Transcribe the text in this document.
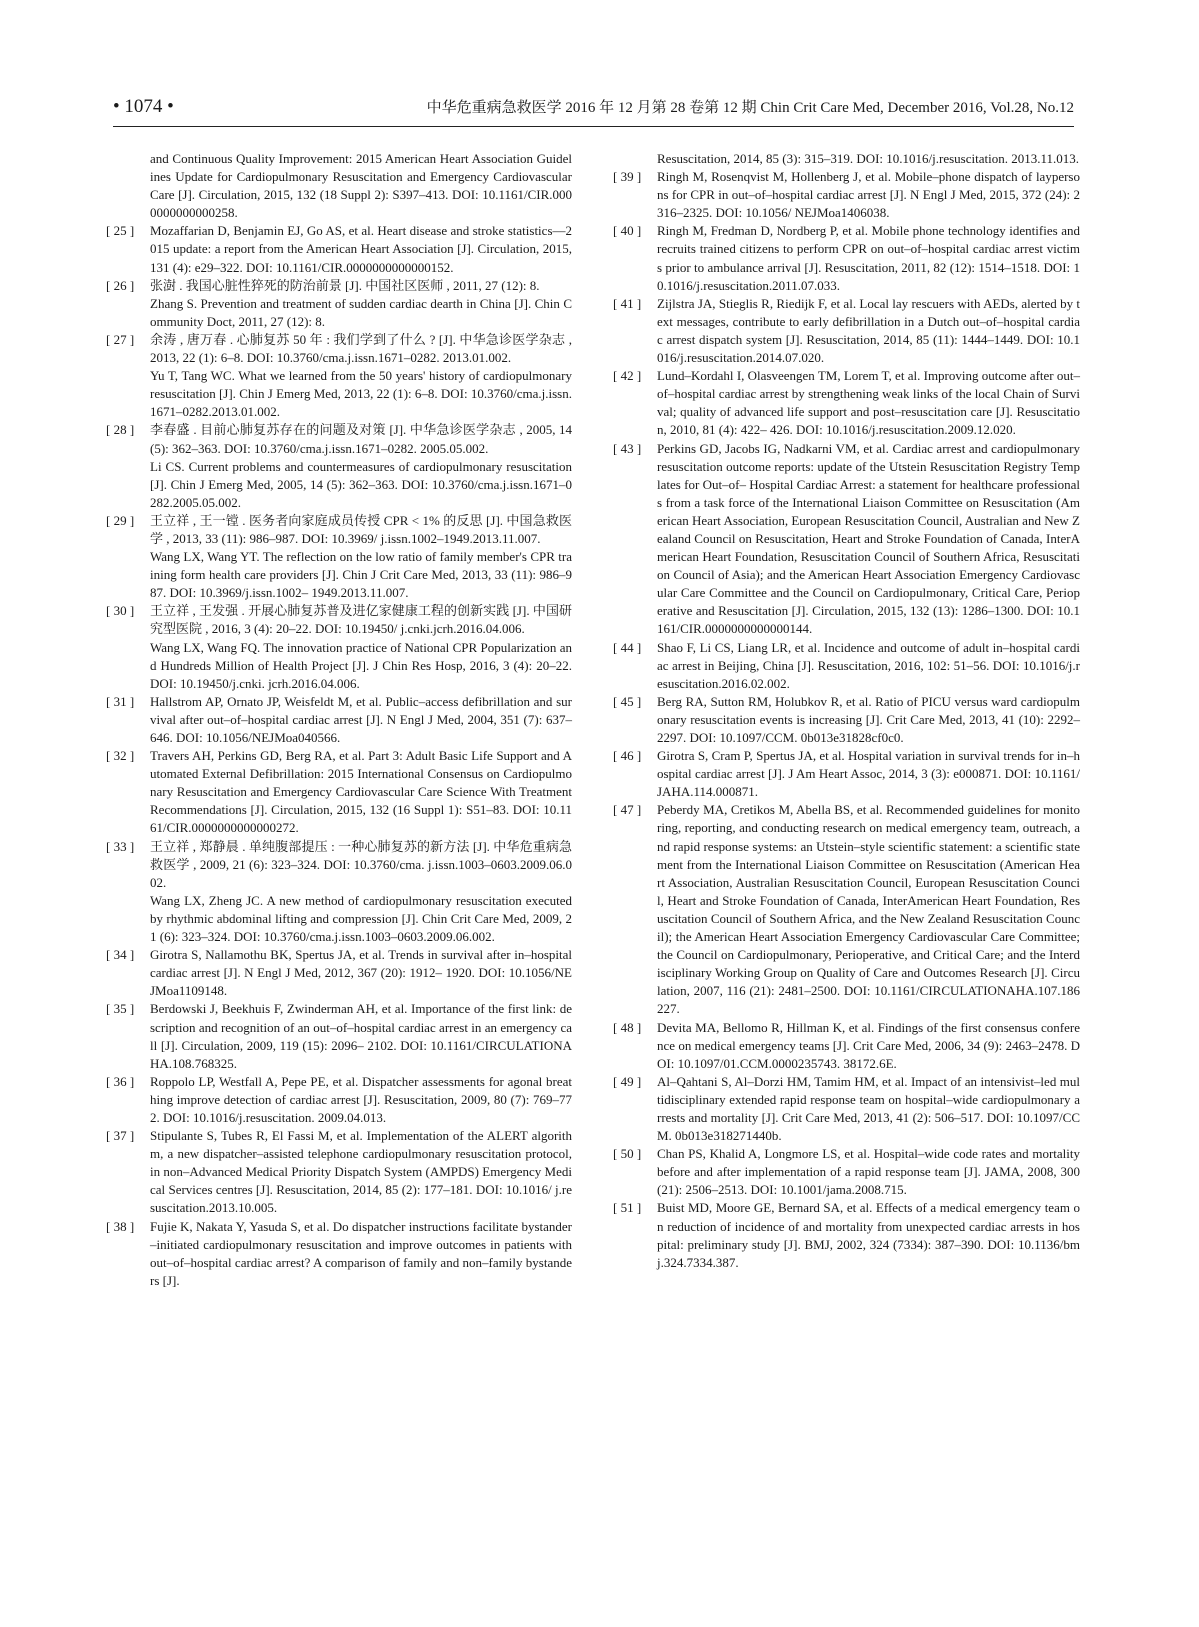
• 1074 •	中华危重病急救医学 2016 年 12 月第 28 卷第 12 期 Chin Crit Care Med, December 2016, Vol.28, No.12
and Continuous Quality Improvement: 2015 American Heart Association Guidelines Update for Cardiopulmonary Resuscitation and Emergency Cardiovascular Care [J]. Circulation, 2015, 132 (18 Suppl 2): S397–413. DOI: 10.1161/CIR.0000000000000258.
[ 25 ]	Mozaffarian D, Benjamin EJ, Go AS, et al. Heart disease and stroke statistics—2015 update: a report from the American Heart Association [J]. Circulation, 2015, 131 (4): e29–322. DOI: 10.1161/CIR.0000000000000152.
[ 26 ]	张澍 . 我国心脏性猝死的防治前景 [J]. 中国社区医师 , 2011, 27 (12): 8.
Zhang S. Prevention and treatment of sudden cardiac dearth in China [J]. Chin Community Doct, 2011, 27 (12): 8.
[ 27 ]	余涛 , 唐万春 . 心肺复苏 50 年 : 我们学到了什么 ? [J]. 中华急诊医学杂志 , 2013, 22 (1): 6–8. DOI: 10.3760/cma.j.issn.1671–0282. 2013.01.002.
Yu T, Tang WC. What we learned from the 50 years' history of cardiopulmonary resuscitation [J]. Chin J Emerg Med, 2013, 22 (1): 6–8. DOI: 10.3760/cma.j.issn.1671–0282.2013.01.002.
[ 28 ]	李春盛 . 目前心肺复苏存在的问题及对策 [J]. 中华急诊医学杂志 , 2005, 14 (5): 362–363. DOI: 10.3760/cma.j.issn.1671–0282. 2005.05.002.
Li CS. Current problems and countermeasures of cardiopulmonary resuscitation [J]. Chin J Emerg Med, 2005, 14 (5): 362–363. DOI: 10.3760/cma.j.issn.1671–0282.2005.05.002.
[ 29 ]	王立祥 , 王一镗 . 医务者向家庭成员传授 CPR < 1% 的反思 [J]. 中国急救医学 , 2013, 33 (11): 986–987. DOI: 10.3969/ j.issn.1002–1949.2013.11.007.
Wang LX, Wang YT. The reflection on the low ratio of family member's CPR training form health care providers [J]. Chin J Crit Care Med, 2013, 33 (11): 986–987. DOI: 10.3969/j.issn.1002– 1949.2013.11.007.
[ 30 ]	王立祥 , 王发强 . 开展心肺复苏普及进亿家健康工程的创新实践 [J]. 中国研究型医院 , 2016, 3 (4): 20–22. DOI: 10.19450/ j.cnki.jcrh.2016.04.006.
Wang LX, Wang FQ. The innovation practice of National CPR Popularization and Hundreds Million of Health Project [J]. J Chin Res Hosp, 2016, 3 (4): 20–22. DOI: 10.19450/j.cnki. jcrh.2016.04.006.
[ 31 ]	Hallstrom AP, Ornato JP, Weisfeldt M, et al. Public–access defibrillation and survival after out–of–hospital cardiac arrest [J]. N Engl J Med, 2004, 351 (7): 637–646. DOI: 10.1056/NEJMoa040566.
[ 32 ]	Travers AH, Perkins GD, Berg RA, et al. Part 3: Adult Basic Life Support and Automated External Defibrillation: 2015 International Consensus on Cardiopulmonary Resuscitation and Emergency Cardiovascular Care Science With Treatment Recommendations [J]. Circulation, 2015, 132 (16 Suppl 1): S51–83. DOI: 10.1161/CIR.0000000000000272.
[ 33 ]	王立祥 , 郑静晨 . 单纯腹部提压 : 一种心肺复苏的新方法 [J]. 中华危重病急救医学 , 2009, 21 (6): 323–324. DOI: 10.3760/cma. j.issn.1003–0603.2009.06.002.
Wang LX, Zheng JC. A new method of cardiopulmonary resuscitation executed by rhythmic abdominal lifting and compression [J]. Chin Crit Care Med, 2009, 21 (6): 323–324. DOI: 10.3760/cma.j.issn.1003–0603.2009.06.002.
[ 34 ]	Girotra S, Nallamothu BK, Spertus JA, et al. Trends in survival after in–hospital cardiac arrest [J]. N Engl J Med, 2012, 367 (20): 1912– 1920. DOI: 10.1056/NEJMoa1109148.
[ 35 ]	Berdowski J, Beekhuis F, Zwinderman AH, et al. Importance of the first link: description and recognition of an out–of–hospital cardiac arrest in an emergency call [J]. Circulation, 2009, 119 (15): 2096– 2102. DOI: 10.1161/CIRCULATIONAHA.108.768325.
[ 36 ]	Roppolo LP, Westfall A, Pepe PE, et al. Dispatcher assessments for agonal breathing improve detection of cardiac arrest [J]. Resuscitation, 2009, 80 (7): 769–772. DOI: 10.1016/j.resuscitation. 2009.04.013.
[ 37 ]	Stipulante S, Tubes R, El Fassi M, et al. Implementation of the ALERT algorithm, a new dispatcher–assisted telephone cardiopulmonary resuscitation protocol, in non–Advanced Medical Priority Dispatch System (AMPDS) Emergency Medical Services centres [J]. Resuscitation, 2014, 85 (2): 177–181. DOI: 10.1016/ j.resuscitation.2013.10.005.
[ 38 ]	Fujie K, Nakata Y, Yasuda S, et al. Do dispatcher instructions facilitate bystander–initiated cardiopulmonary resuscitation and improve outcomes in patients with out–of–hospital cardiac arrest? A comparison of family and non–family bystanders [J].
Resuscitation, 2014, 85 (3): 315–319. DOI: 10.1016/j.resuscitation. 2013.11.013.
[ 39 ]	Ringh M, Rosenqvist M, Hollenberg J, et al. Mobile–phone dispatch of laypersons for CPR in out–of–hospital cardiac arrest [J]. N Engl J Med, 2015, 372 (24): 2316–2325. DOI: 10.1056/ NEJMoa1406038.
[ 40 ]	Ringh M, Fredman D, Nordberg P, et al. Mobile phone technology identifies and recruits trained citizens to perform CPR on out–of–hospital cardiac arrest victims prior to ambulance arrival [J]. Resuscitation, 2011, 82 (12): 1514–1518. DOI: 10.1016/j.resuscitation.2011.07.033.
[ 41 ]	Zijlstra JA, Stieglis R, Riedijk F, et al. Local lay rescuers with AEDs, alerted by text messages, contribute to early defibrillation in a Dutch out–of–hospital cardiac arrest dispatch system [J]. Resuscitation, 2014, 85 (11): 1444–1449. DOI: 10.1016/j.resuscitation.2014.07.020.
[ 42 ]	Lund–Kordahl I, Olasveengen TM, Lorem T, et al. Improving outcome after out–of–hospital cardiac arrest by strengthening weak links of the local Chain of Survival; quality of advanced life support and post–resuscitation care [J]. Resuscitation, 2010, 81 (4): 422– 426. DOI: 10.1016/j.resuscitation.2009.12.020.
[ 43 ]	Perkins GD, Jacobs IG, Nadkarni VM, et al. Cardiac arrest and cardiopulmonary resuscitation outcome reports: update of the Utstein Resuscitation Registry Templates for Out–of– Hospital Cardiac Arrest: a statement for healthcare professionals from a task force of the International Liaison Committee on Resuscitation (American Heart Association, European Resuscitation Council, Australian and New Zealand Council on Resuscitation, Heart and Stroke Foundation of Canada, InterAmerican Heart Foundation, Resuscitation Council of Southern Africa, Resuscitation Council of Asia); and the American Heart Association Emergency Cardiovascular Care Committee and the Council on Cardiopulmonary, Critical Care, Perioperative and Resuscitation [J]. Circulation, 2015, 132 (13): 1286–1300. DOI: 10.1161/CIR.0000000000000144.
[ 44 ]	Shao F, Li CS, Liang LR, et al. Incidence and outcome of adult in–hospital cardiac arrest in Beijing, China [J]. Resuscitation, 2016, 102: 51–56. DOI: 10.1016/j.resuscitation.2016.02.002.
[ 45 ]	Berg RA, Sutton RM, Holubkov R, et al. Ratio of PICU versus ward cardiopulmonary resuscitation events is increasing [J]. Crit Care Med, 2013, 41 (10): 2292–2297. DOI: 10.1097/CCM. 0b013e31828cf0c0.
[ 46 ]	Girotra S, Cram P, Spertus JA, et al. Hospital variation in survival trends for in–hospital cardiac arrest [J]. J Am Heart Assoc, 2014, 3 (3): e000871. DOI: 10.1161/JAHA.114.000871.
[ 47 ]	Peberdy MA, Cretikos M, Abella BS, et al. Recommended guidelines for monitoring, reporting, and conducting research on medical emergency team, outreach, and rapid response systems: an Utstein–style scientific statement: a scientific statement from the International Liaison Committee on Resuscitation (American Heart Association, Australian Resuscitation Council, European Resuscitation Council, Heart and Stroke Foundation of Canada, InterAmerican Heart Foundation, Resuscitation Council of Southern Africa, and the New Zealand Resuscitation Council); the American Heart Association Emergency Cardiovascular Care Committee; the Council on Cardiopulmonary, Perioperative, and Critical Care; and the Interdisciplinary Working Group on Quality of Care and Outcomes Research [J]. Circulation, 2007, 116 (21): 2481–2500. DOI: 10.1161/CIRCULATIONAHA.107.186227.
[ 48 ]	Devita MA, Bellomo R, Hillman K, et al. Findings of the first consensus conference on medical emergency teams [J]. Crit Care Med, 2006, 34 (9): 2463–2478. DOI: 10.1097/01.CCM.0000235743. 38172.6E.
[ 49 ]	Al–Qahtani S, Al–Dorzi HM, Tamim HM, et al. Impact of an intensivist–led multidisciplinary extended rapid response team on hospital–wide cardiopulmonary arrests and mortality [J]. Crit Care Med, 2013, 41 (2): 506–517. DOI: 10.1097/CCM. 0b013e318271440b.
[ 50 ]	Chan PS, Khalid A, Longmore LS, et al. Hospital–wide code rates and mortality before and after implementation of a rapid response team [J]. JAMA, 2008, 300 (21): 2506–2513. DOI: 10.1001/jama.2008.715.
[ 51 ]	Buist MD, Moore GE, Bernard SA, et al. Effects of a medical emergency team on reduction of incidence of and mortality from unexpected cardiac arrests in hospital: preliminary study [J]. BMJ, 2002, 324 (7334): 387–390. DOI: 10.1136/bmj.324.7334.387.
